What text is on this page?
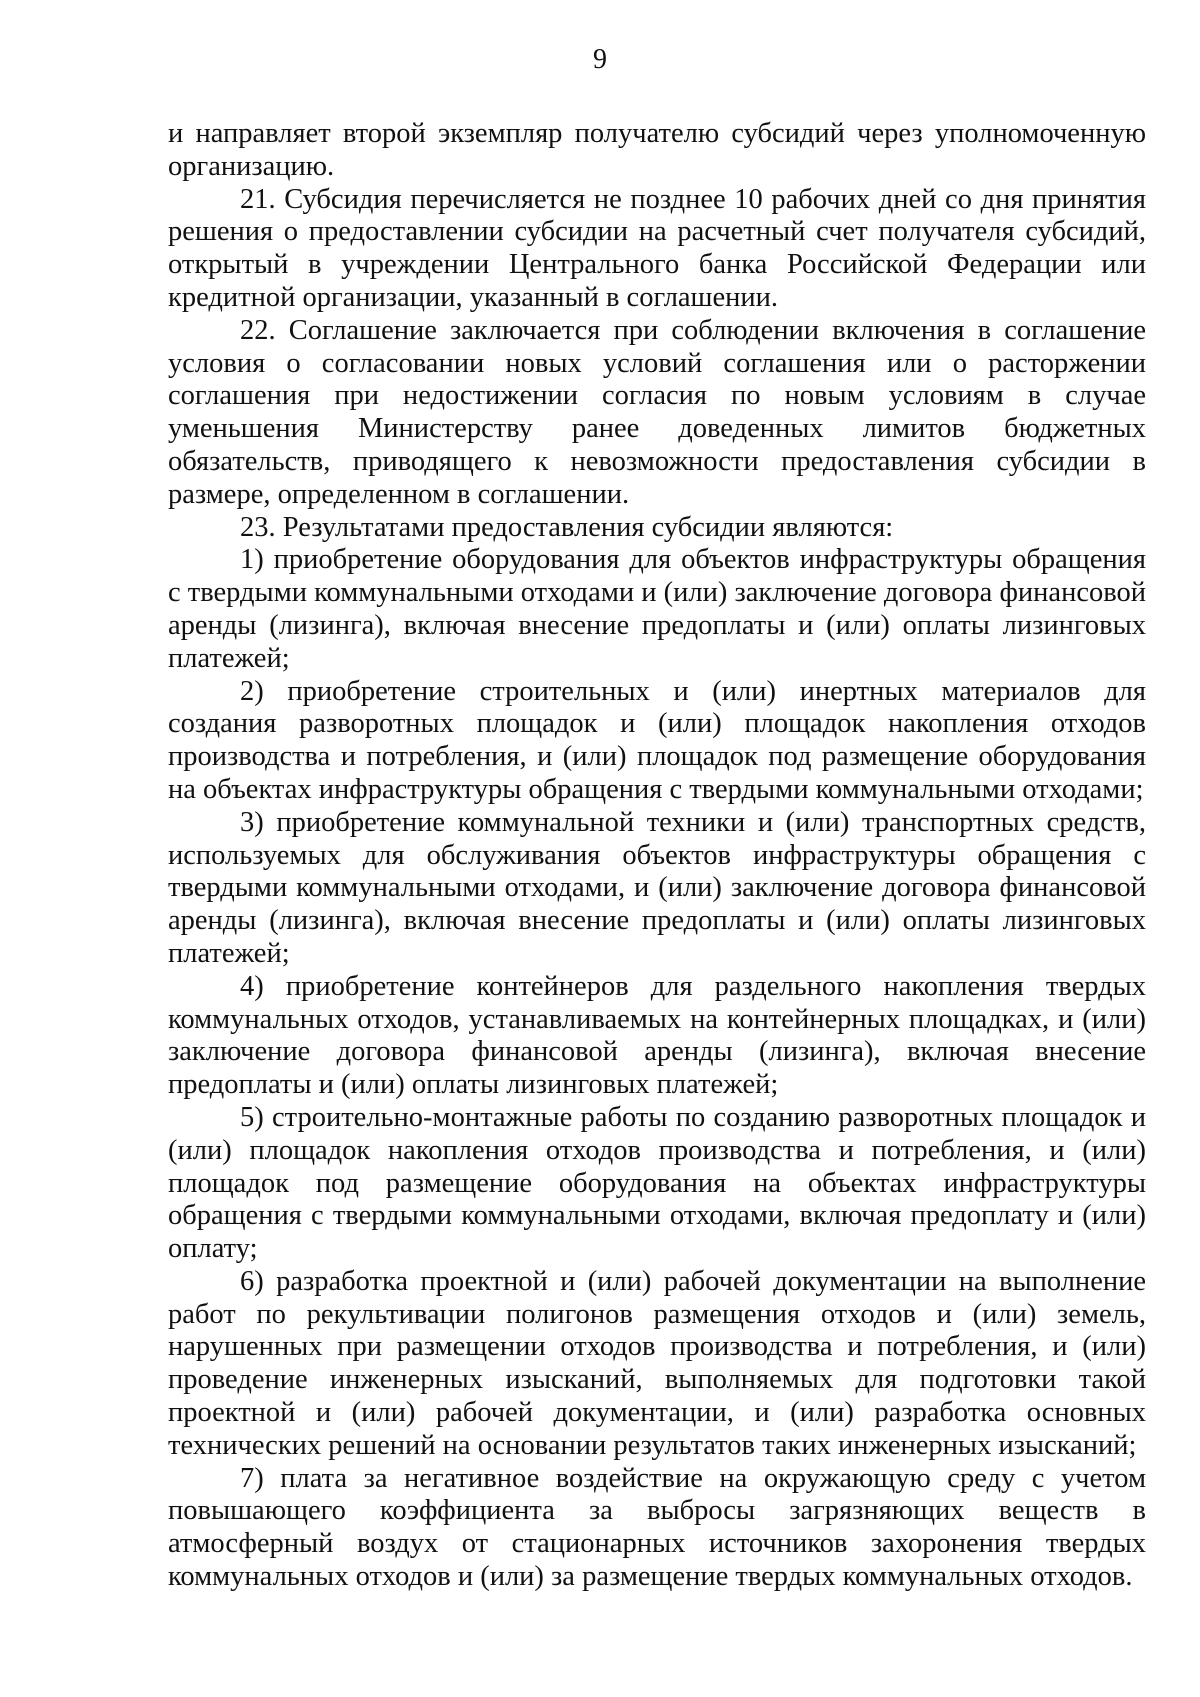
9

и направляет второй экземпляр получателю субсидий через уполномоченную организацию.

21. Субсидия перечисляется не позднее 10 рабочих дней со дня принятия решения о предоставлении субсидии на расчетный счет получателя субсидий, открытый в учреждении Центрального банка Российской Федерации или кредитной организации, указанный в соглашении.

22. Соглашение заключается при соблюдении включения в соглашение условия о согласовании новых условий соглашения или о расторжении соглашения при недостижении согласия по новым условиям в случае уменьшения Министерству ранее доведенных лимитов бюджетных обязательств, приводящего к невозможности предоставления субсидии в размере, определенном в соглашении.

23. Результатами предоставления субсидии являются:

1) приобретение оборудования для объектов инфраструктуры обращения с твердыми коммунальными отходами и (или) заключение договора финансовой аренды (лизинга), включая внесение предоплаты и (или) оплаты лизинговых платежей;

2) приобретение строительных и (или) инертных материалов для создания разворотных площадок и (или) площадок накопления отходов производства и потребления, и (или) площадок под размещение оборудования на объектах инфраструктуры обращения с твердыми коммунальными отходами;

3) приобретение коммунальной техники и (или) транспортных средств, используемых для обслуживания объектов инфраструктуры обращения с твердыми коммунальными отходами, и (или) заключение договора финансовой аренды (лизинга), включая внесение предоплаты и (или) оплаты лизинговых платежей;

4) приобретение контейнеров для раздельного накопления твердых коммунальных отходов, устанавливаемых на контейнерных площадках, и (или) заключение договора финансовой аренды (лизинга), включая внесение предоплаты и (или) оплаты лизинговых платежей;

5) строительно-монтажные работы по созданию разворотных площадок и (или) площадок накопления отходов производства и потребления, и (или) площадок под размещение оборудования на объектах инфраструктуры обращения с твердыми коммунальными отходами, включая предоплату и (или) оплату;

6) разработка проектной и (или) рабочей документации на выполнение работ по рекультивации полигонов размещения отходов и (или) земель, нарушенных при размещении отходов производства и потребления, и (или) проведение инженерных изысканий, выполняемых для подготовки такой проектной и (или) рабочей документации, и (или) разработка основных технических решений на основании результатов таких инженерных изысканий;

7) плата за негативное воздействие на окружающую среду с учетом повышающего коэффициента за выбросы загрязняющих веществ в атмосферный воздух от стационарных источников захоронения твердых коммунальных отходов и (или) за размещение твердых коммунальных отходов.
